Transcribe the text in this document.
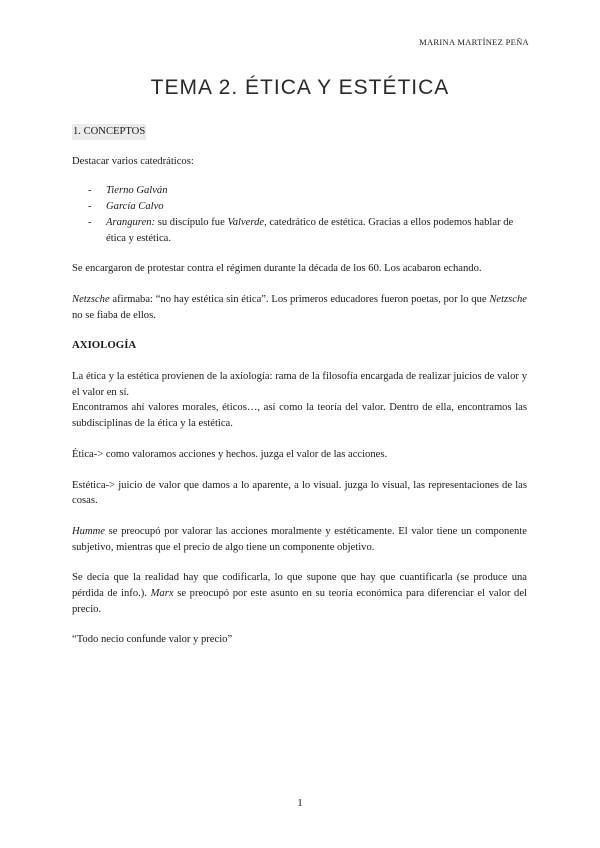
MARINA MARTÍNEZ PEÑA
TEMA 2. ÉTICA Y ESTÉTICA

1. CONCEPTOS

Destacar varios catedráticos:

- Tierno Galván
- García Calvo
- Aranguren: su discípulo fue Valverde, catedrático de estética. Gracias a ellos podemos hablar de ética y estética.

Se encargaron de protestar contra el régimen durante la década de los 60. Los acabaron echando.

Netzsche afirmaba: “no hay estética sin ética”. Los primeros educadores fueron poetas, por lo que Netzsche no se fiaba de ellos.

AXIOLOGÍA

La ética y la estética provienen de la axiología: rama de la filosofía encargada de realizar juicios de valor y el valor en sí.

Encontramos ahí valores morales, éticos…, así como la teoría del valor. Dentro de ella, encontramos las subdisciplinas de la ética y la estética.

Ética-> como valoramos acciones y hechos. juzga el valor de las acciones.

Estética-> juicio de valor que damos a lo aparente, a lo visual. juzga lo visual, las representaciones de las cosas.

Humme se preocupó por valorar las acciones moralmente y estéticamente. El valor tiene un componente subjetivo, mientras que el precio de algo tiene un componente objetivo.

Se decía que la realidad hay que codificarla, lo que supone que hay que cuantificarla (se produce una pérdida de info.). Marx se preocupó por este asunto en su teoría económica para diferenciar el valor del precio.

“Todo necio confunde valor y precio”

1
